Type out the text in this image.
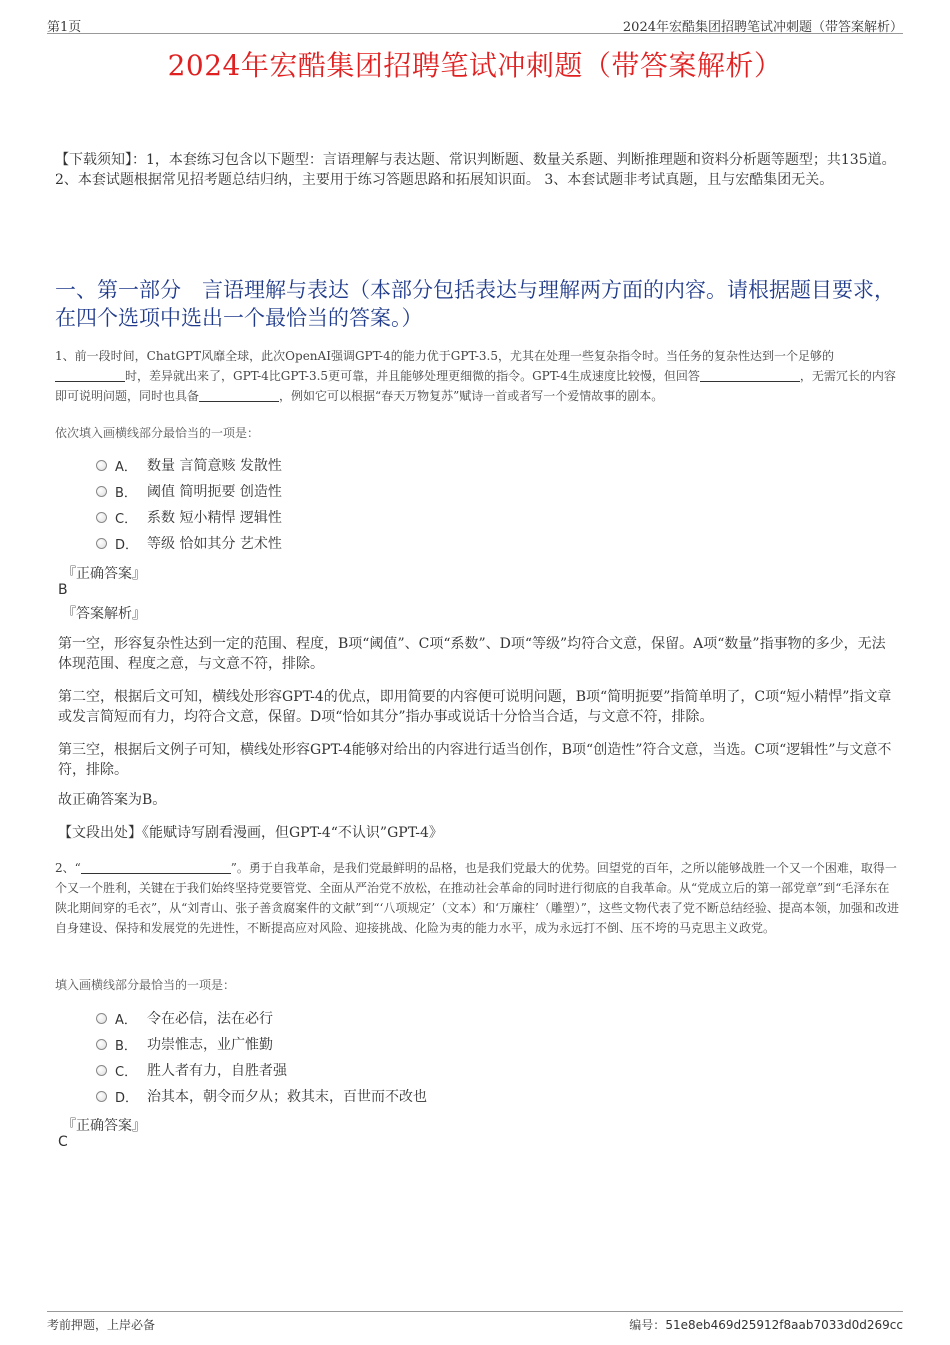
第1页	2024年宏酷集团招聘笔试冲刺题（带答案解析）
2024年宏酷集团招聘笔试冲刺题（带答案解析）
【下载须知】：1，本套练习包含以下题型：言语理解与表达题、常识判断题、数量关系题、判断推理题和资料分析题等题型；共135道。 2、本套试题根据常见招考题总结归纳，主要用于练习答题思路和拓展知识面。 3、本套试题非考试真题，且与宏酷集团无关。
一、第一部分　言语理解与表达（本部分包括表达与理解两方面的内容。请根据题目要求，在四个选项中选出一个最恰当的答案。）
1、前一段时间，ChatGPT风靡全球，此次OpenAI强调GPT-4的能力优于GPT-3.5，尤其在处理一些复杂指令时。当任务的复杂性达到一个足够的时，差异就出来了，GPT-4比GPT-3.5更可靠，并且能够处理更细微的指令。GPT-4生成速度比较慢，但回答	，无需冗长的内容即可说明问题，同时也具备	，例如它可以根据“春天万物复苏”赋诗一首或者写一个爱情故事的剧本。
依次填入画横线部分最恰当的一项是：
A． 数量 言简意赅 发散性
B． 阈值 简明扼要 创造性
C． 系数 短小精悍 逻辑性
D． 等级 恰如其分 艺术性
『正确答案』
B
『答案解析』
第一空，形容复杂性达到一定的范围、程度，B项“阈值”、C项“系数”、D项“等级”均符合文意，保留。A项“数量”指事物的多少，无法体现范围、程度之意，与文意不符，排除。
第二空，根据后文可知，横线处形容GPT-4的优点，即用简要的内容便可说明问题，B项“简明扼要”指简单明了，C项“短小精悍”指文章或发言简短而有力，均符合文意，保留。D项“恰如其分”指办事或说话十分恰当合适，与文意不符，排除。
第三空，根据后文例子可知，横线处形容GPT-4能够对给出的内容进行适当创作，B项“创造性”符合文意，当选。C项“逻辑性”与文意不符，排除。
故正确答案为B。
【文段出处】《能赋诗写剧看漫画，但GPT-4“不认识”GPT-4》
2、“	”。勇于自我革命，是我们党最鲜明的品格，也是我们党最大的优势。回望党的百年，之所以能够战胜一个又一个困难，取得一个又一个胜利，关键在于我们始终坚持党要管党、全面从严治党不放松，在推动社会革命的同时进行彻底的自我革命。从“党成立后的第一部党章”到“毛泽东在陕北期间穿的毛衣”，从“刘青山、张子善贪腐案件的文献”到“‘八项规定’（文本）和‘万廉柱’（雕塑）”，这些文物代表了党不断总结经验、提高本领，加强和改进自身建设、保持和发展党的先进性，不断提高应对风险、迎接挑战、化险为夷的能力水平，成为永远打不倒、压不垮的马克思主义政党。
填入画横线部分最恰当的一项是：
A． 令在必信，法在必行
B． 功崇惟志，业广惟勤
C． 胜人者有力，自胜者强
D． 治其本，朝令而夕从；救其末，百世而不改也
『正确答案』
C
考前押题，上岸必备	编号：51e8eb469d25912f8aab7033d0d269cc
